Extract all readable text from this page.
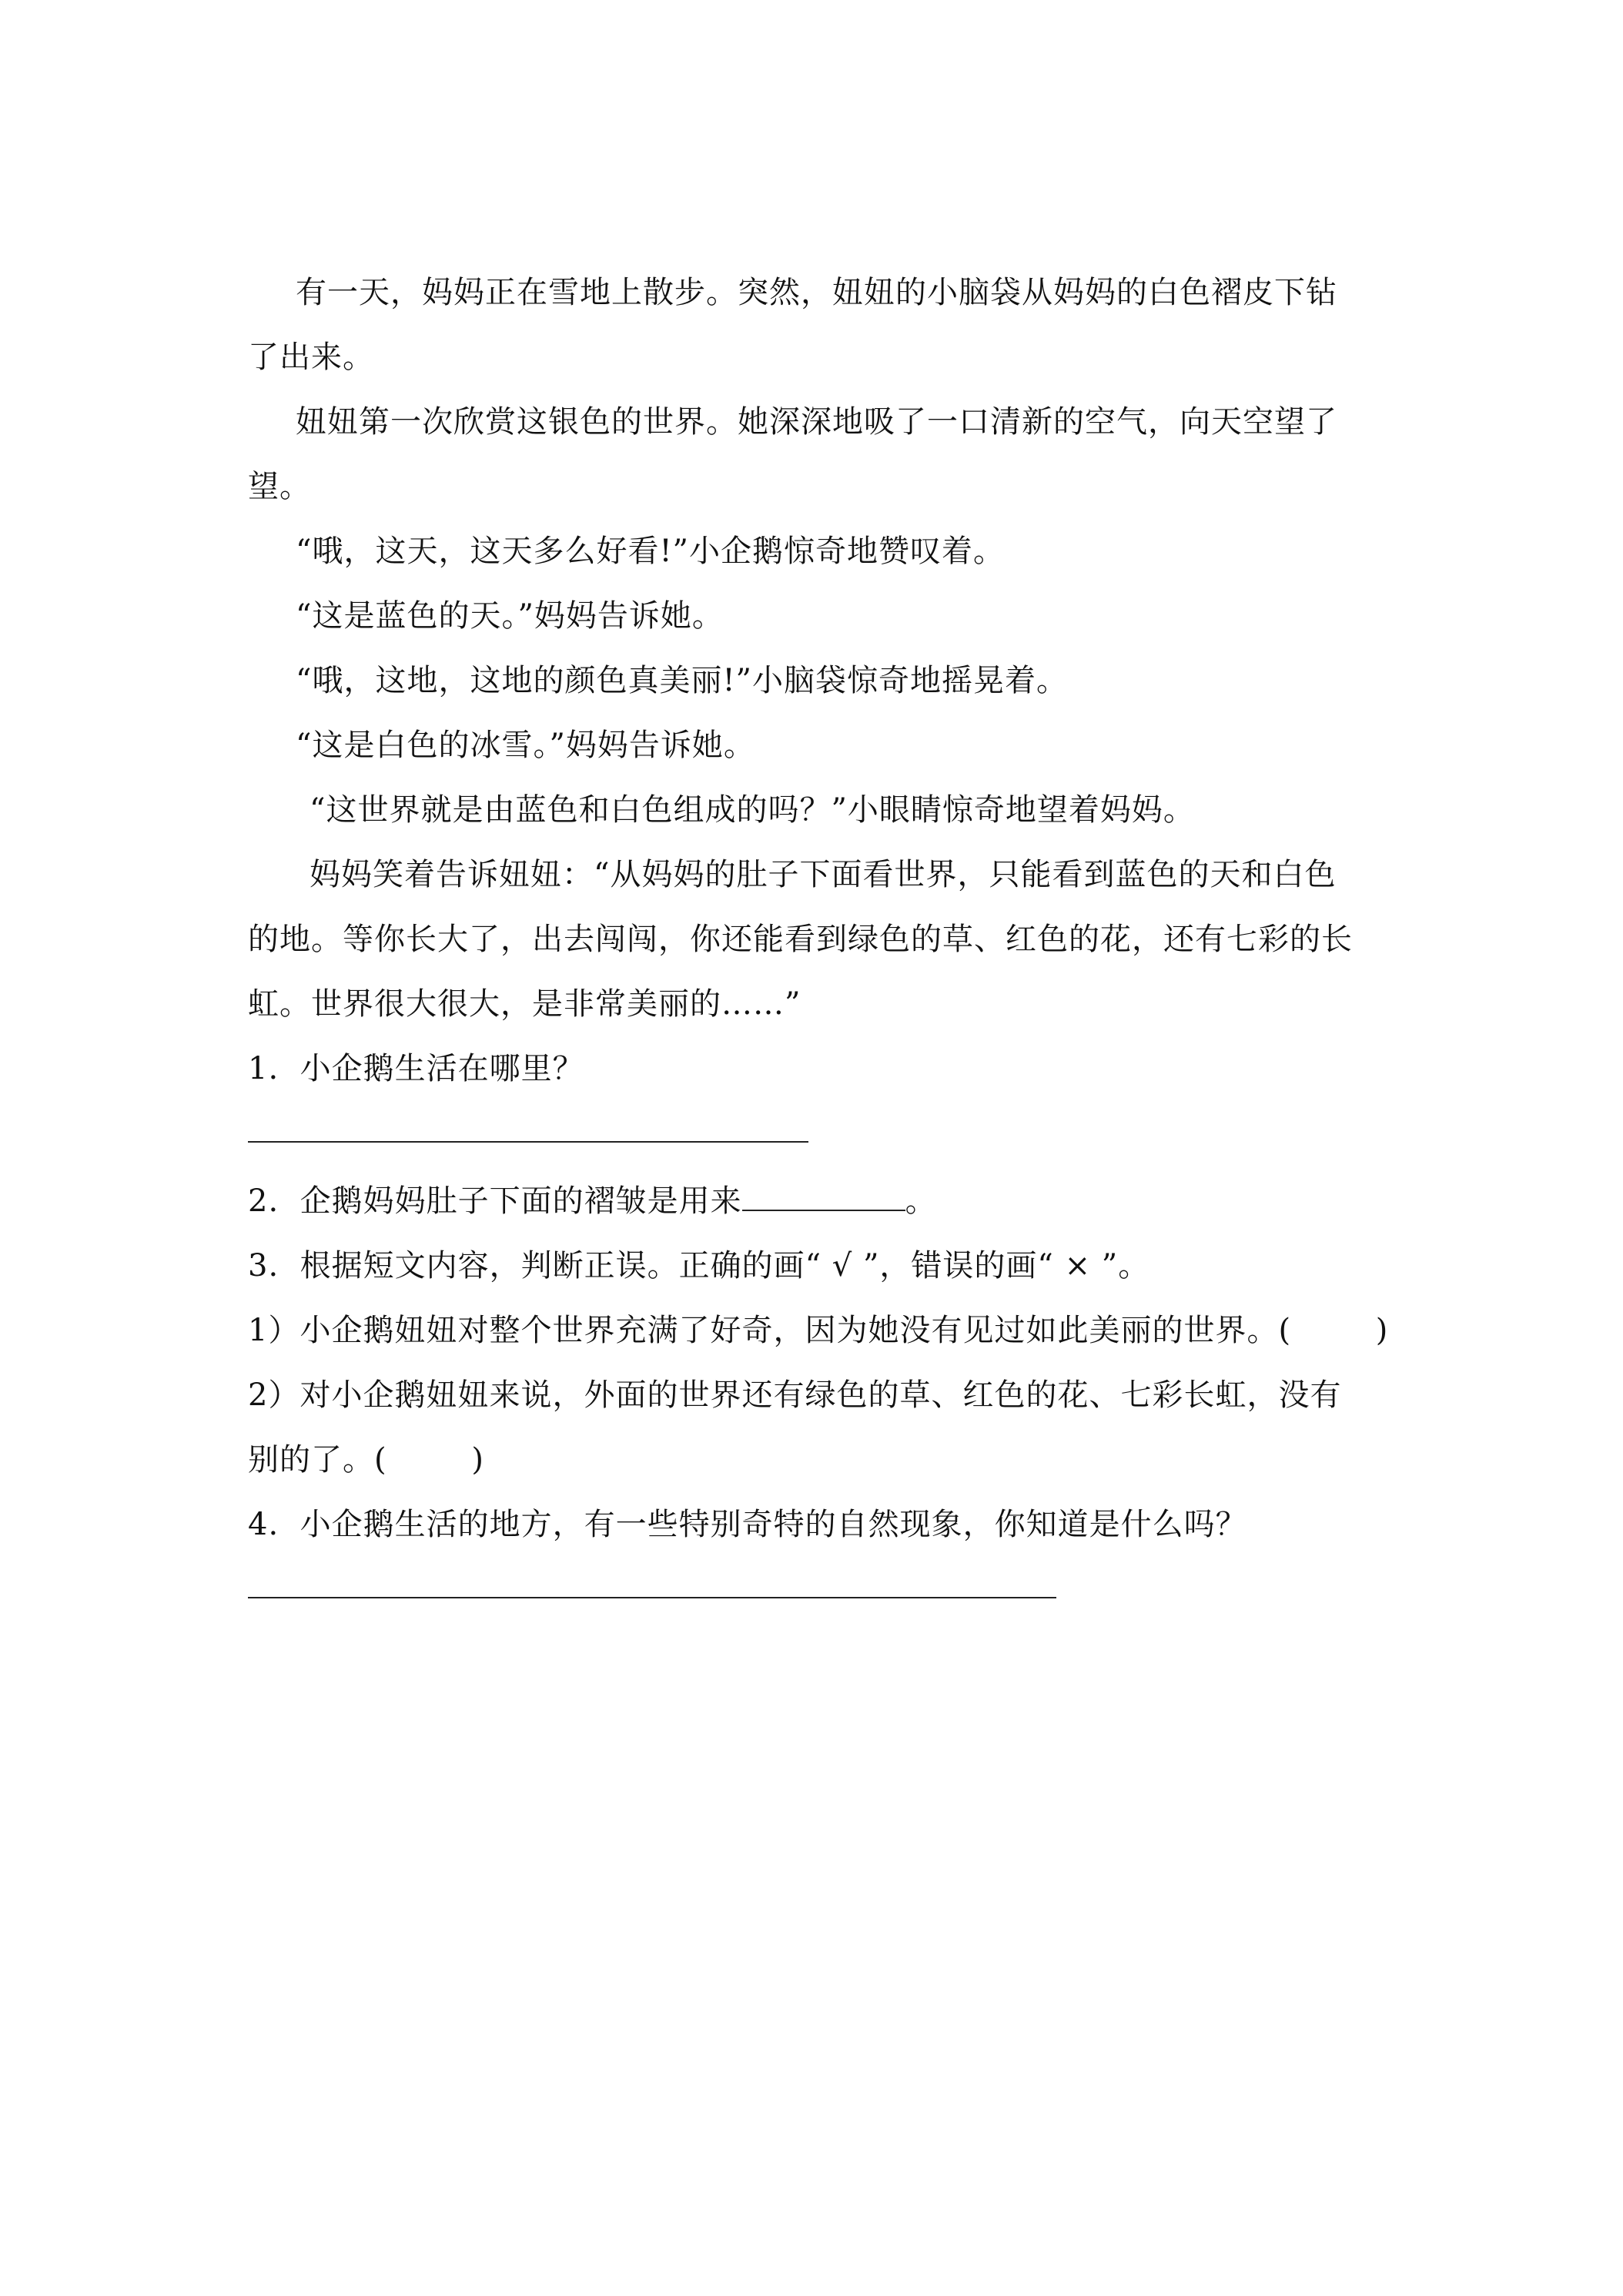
有一天，妈妈正在雪地上散步。突然，妞妞的小脑袋从妈妈的白色褶皮下钻
了出来。
妞妞第一次欣赏这银色的世界。她深深地吸了一口清新的空气，向天空望了
望。
“哦，这天，这天多么好看!”小企鹅惊奇地赞叹着。
“这是蓝色的天。”妈妈告诉她。
“哦，这地，这地的颜色真美丽!”小脑袋惊奇地摇晃着。
“这是白色的冰雪。”妈妈告诉她。
“这世界就是由蓝色和白色组成的吗？”小眼睛惊奇地望着妈妈。
妈妈笑着告诉妞妞：“从妈妈的肚子下面看世界，只能看到蓝色的天和白色
的地。等你长大了，出去闯闯，你还能看到绿色的草、红色的花，还有七彩的长
虹。世界很大很大，是非常美丽的……”
1.  小企鹅生活在哪里？
2.  企鹅妈妈肚子下面的褶皱是用来	。
3.  根据短文内容，判断正误。正确的画“ √ ”，错误的画“ × ”。
1）小企鹅妞妞对整个世界充满了好奇，因为她没有见过如此美丽的世界。(        )
2）对小企鹅妞妞来说，外面的世界还有绿色的草、红色的花、七彩长虹，没有
别的了。(        )
4.  小企鹅生活的地方，有一些特别奇特的自然现象，你知道是什么吗？
